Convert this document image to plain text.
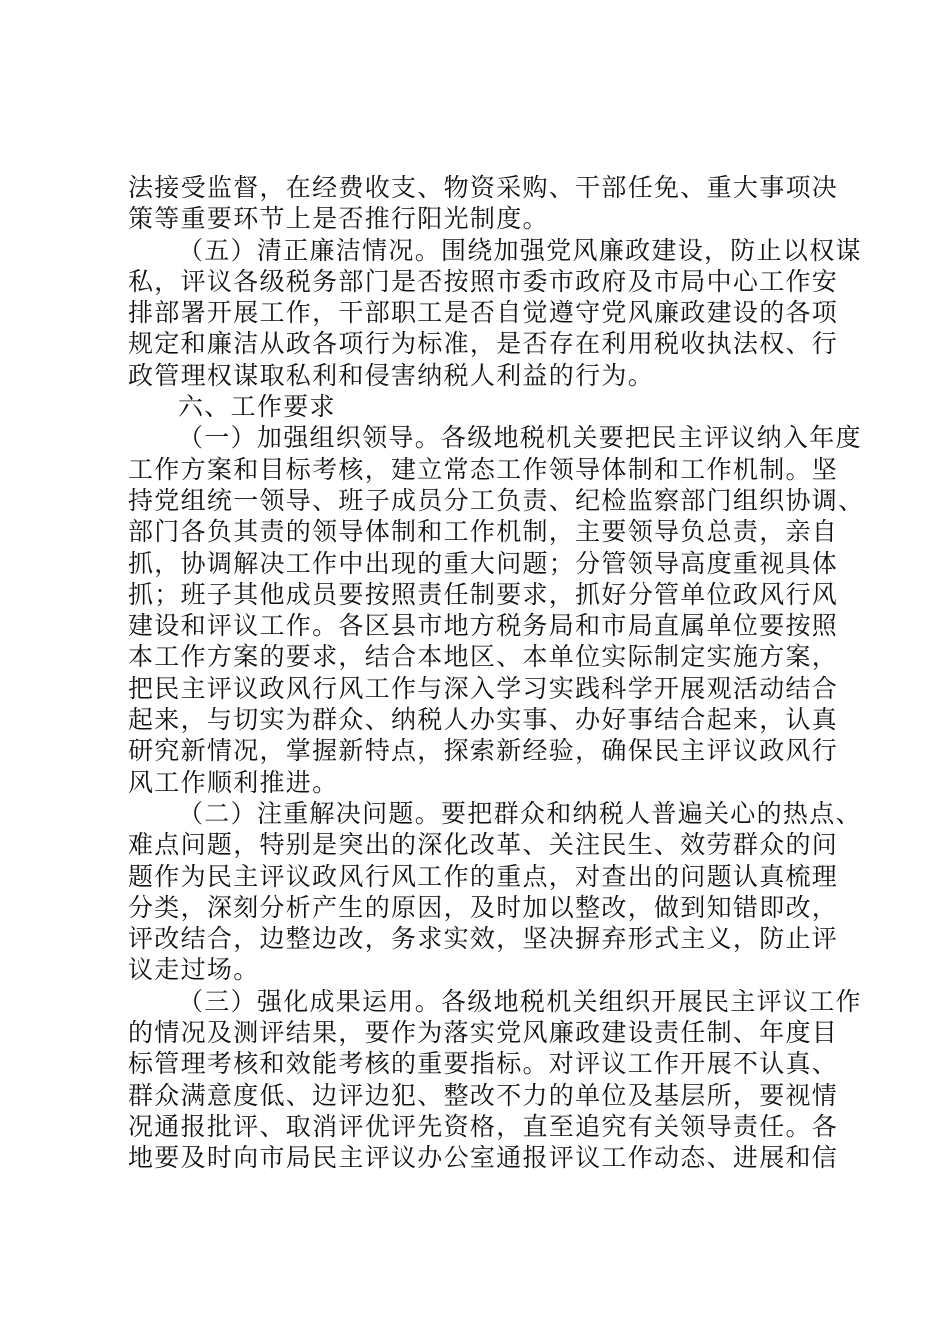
法接受监督，在经费收支、物资采购、干部任免、重大事项决
策等重要环节上是否推行阳光制度。
（五）清正廉洁情况。围绕加强党风廉政建设，防止以权谋
私，评议各级税务部门是否按照市委市政府及市局中心工作安
排部署开展工作，干部职工是否自觉遵守党风廉政建设的各项
规定和廉洁从政各项行为标准，是否存在利用税收执法权、行
政管理权谋取私利和侵害纳税人利益的行为。
六、工作要求
（一）加强组织领导。各级地税机关要把民主评议纳入年度
工作方案和目标考核，建立常态工作领导体制和工作机制。坚
持党组统一领导、班子成员分工负责、纪检监察部门组织协调、
部门各负其责的领导体制和工作机制，主要领导负总责，亲自
抓，协调解决工作中出现的重大问题；分管领导高度重视具体
抓；班子其他成员要按照责任制要求，抓好分管单位政风行风
建设和评议工作。各区县市地方税务局和市局直属单位要按照
本工作方案的要求，结合本地区、本单位实际制定实施方案，
把民主评议政风行风工作与深入学习实践科学开展观活动结合
起来，与切实为群众、纳税人办实事、办好事结合起来，认真
研究新情况，掌握新特点，探索新经验，确保民主评议政风行
风工作顺利推进。
（二）注重解决问题。要把群众和纳税人普遍关心的热点、
难点问题，特别是突出的深化改革、关注民生、效劳群众的问
题作为民主评议政风行风工作的重点，对查出的问题认真梳理
分类，深刻分析产生的原因，及时加以整改，做到知错即改，
评改结合，边整边改，务求实效，坚决摒弃形式主义，防止评
议走过场。
（三）强化成果运用。各级地税机关组织开展民主评议工作
的情况及测评结果，要作为落实党风廉政建设责任制、年度目
标管理考核和效能考核的重要指标。对评议工作开展不认真、
群众满意度低、边评边犯、整改不力的单位及基层所，要视情
况通报批评、取消评优评先资格，直至追究有关领导责任。各
地要及时向市局民主评议办公室通报评议工作动态、进展和信
